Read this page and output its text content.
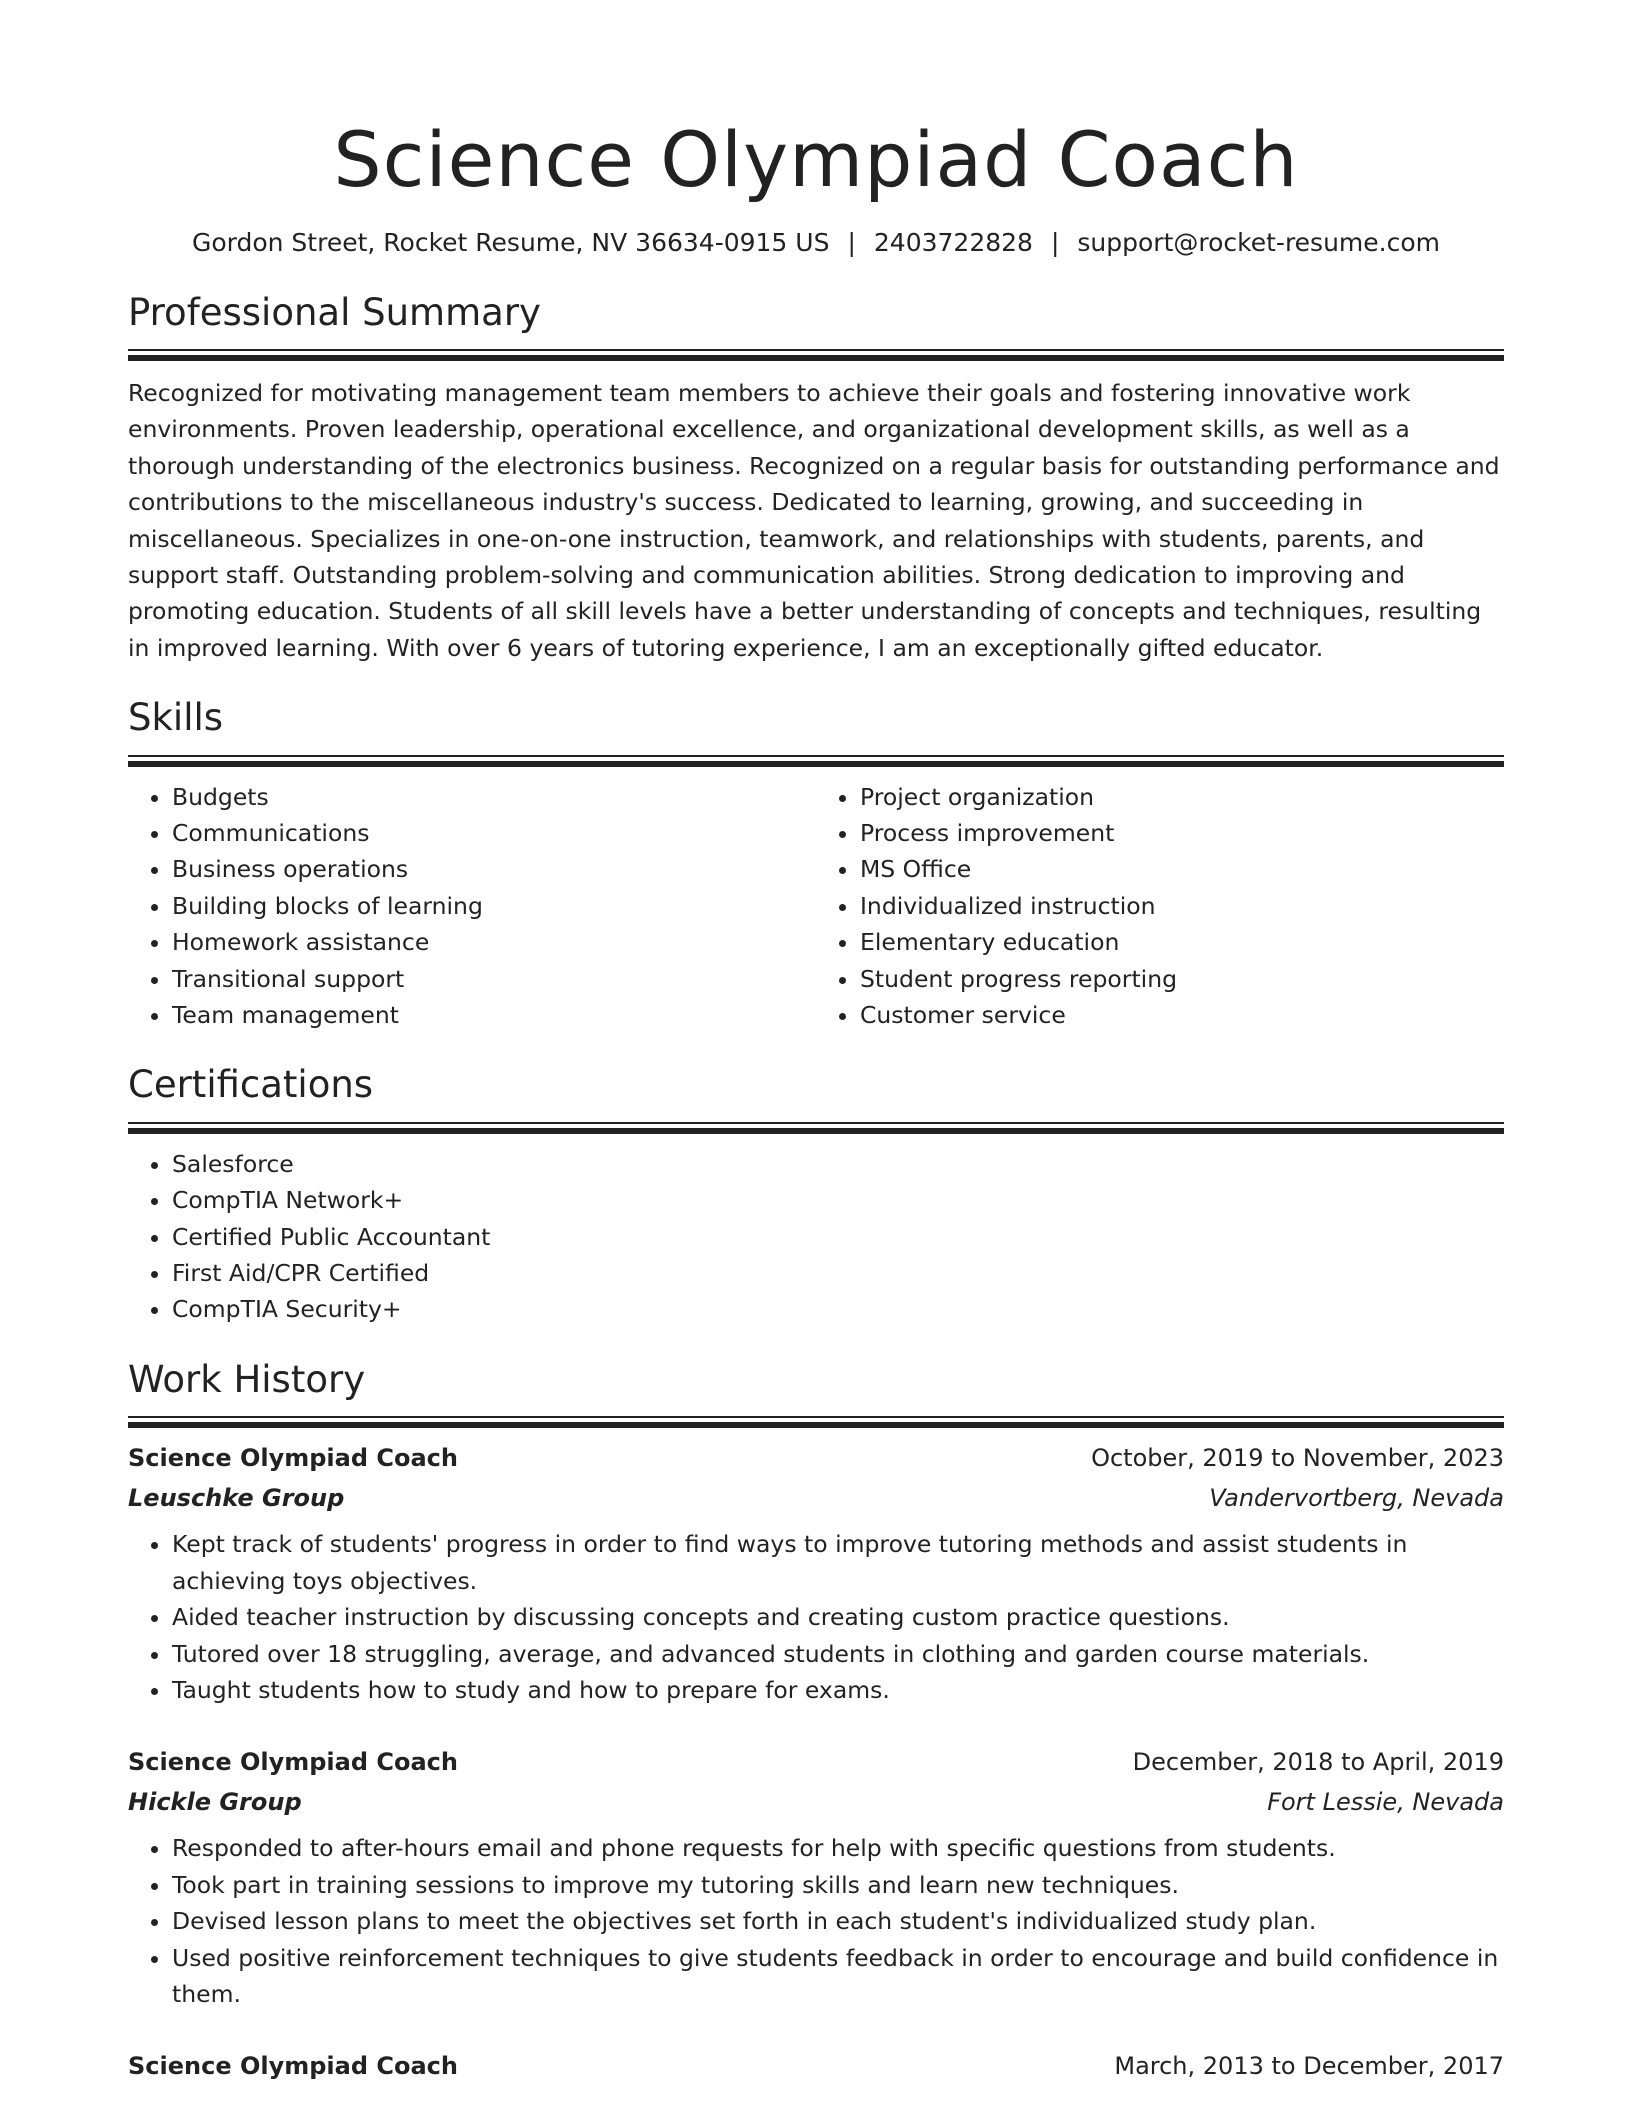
Science Olympiad Coach
Gordon Street, Rocket Resume, NV 36634-0915 US | 2403722828 | support@rocket-resume.com
Professional Summary
Recognized for motivating management team members to achieve their goals and fostering innovative work environments. Proven leadership, operational excellence, and organizational development skills, as well as a thorough understanding of the electronics business. Recognized on a regular basis for outstanding performance and contributions to the miscellaneous industry's success. Dedicated to learning, growing, and succeeding in miscellaneous. Specializes in one-on-one instruction, teamwork, and relationships with students, parents, and support staff. Outstanding problem-solving and communication abilities. Strong dedication to improving and promoting education. Students of all skill levels have a better understanding of concepts and techniques, resulting in improved learning. With over 6 years of tutoring experience, I am an exceptionally gifted educator.
Skills
• Budgets
• Communications
• Business operations
• Building blocks of learning
• Homework assistance
• Transitional support
• Team management
• Project organization
• Process improvement
• MS Office
• Individualized instruction
• Elementary education
• Student progress reporting
• Customer service
Certifications
• Salesforce
• CompTIA Network+
• Certified Public Accountant
• First Aid/CPR Certified
• CompTIA Security+
Work History
Science Olympiad Coach	October, 2019 to November, 2023
Leuschke Group	Vandervortberg, Nevada
• Kept track of students' progress in order to find ways to improve tutoring methods and assist students in achieving toys objectives.
• Aided teacher instruction by discussing concepts and creating custom practice questions.
• Tutored over 18 struggling, average, and advanced students in clothing and garden course materials.
• Taught students how to study and how to prepare for exams.
Science Olympiad Coach	December, 2018 to April, 2019
Hickle Group	Fort Lessie, Nevada
• Responded to after-hours email and phone requests for help with specific questions from students.
• Took part in training sessions to improve my tutoring skills and learn new techniques.
• Devised lesson plans to meet the objectives set forth in each student's individualized study plan.
• Used positive reinforcement techniques to give students feedback in order to encourage and build confidence in them.
Science Olympiad Coach	March, 2013 to December, 2017
